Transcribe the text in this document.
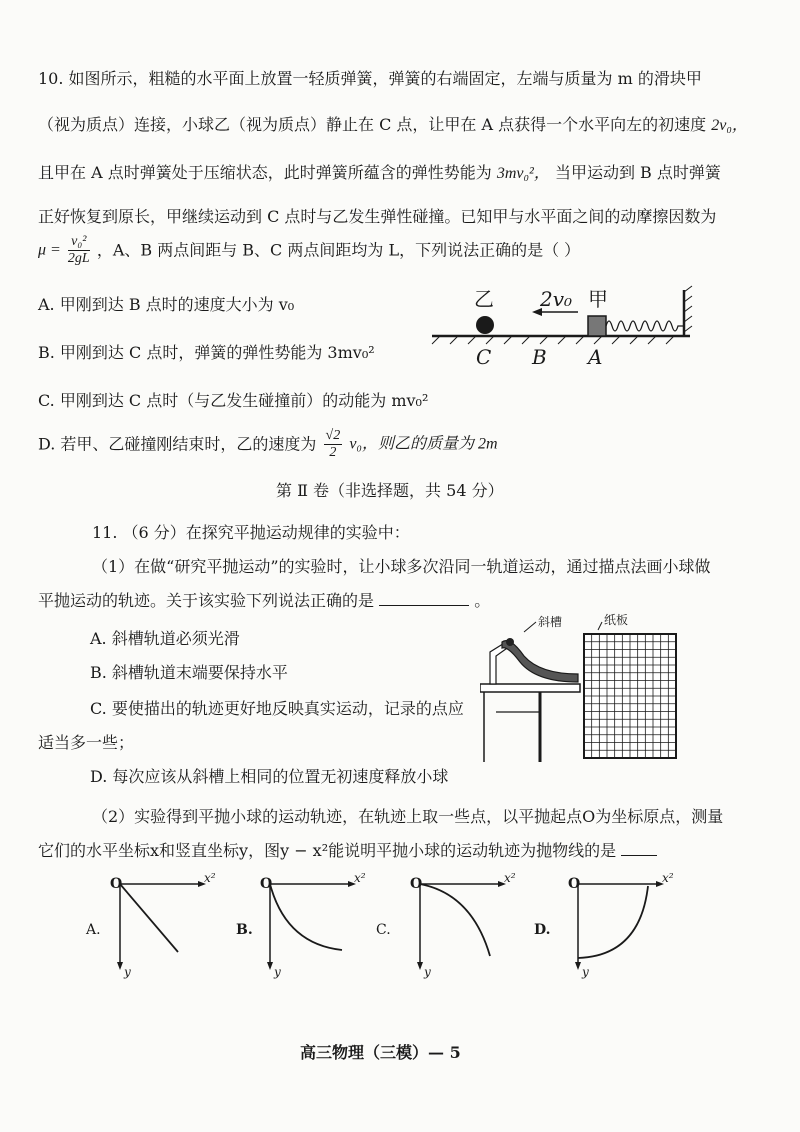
10. 如图所示，粗糙的水平面上放置一轻质弹簧，弹簧的右端固定，左端与质量为 m 的滑块甲
（视为质点）连接，小球乙（视为质点）静止在 C 点，让甲在 A 点获得一个水平向左的初速度 2v₀，
且甲在 A 点时弹簧处于压缩状态，此时弹簧所蕴含的弹性势能为 3mv₀²， 当甲运动到 B 点时弹簧
正好恢复到原长，甲继续运动到 C 点时与乙发生弹性碰撞。已知甲与水平面之间的动摩擦因数为
$\mu = \frac{\text{v₀²}}{2gL}$ ，A、B 两点间距与 B、C 两点间距均为 L，下列说法正确的是（ ）
A. 甲刚到达 B 点时的速度大小为 v₀
B. 甲刚到达 C 点时，弹簧的弹性势能为 3mv₀²
C. 甲刚到达 C 点时（与乙发生碰撞前）的动能为 mv₀²
D. 若甲、乙碰撞刚结束时，乙的速度为 $\frac{√2}{2} v_0$，则乙的质量为 2m
乙 2v₀ 甲
C B A
第 Ⅱ 卷（非选择题，共 54 分）
11. （6 分）在探究平抛运动规律的实验中：
（1）在做“研究平抛运动”的实验时，让小球多次沿同一轨道运动，通过描点法画小球做
平抛运动的轨迹。关于该实验下列说法正确的是	。
A. 斜槽轨道必须光滑
B. 斜槽轨道末端要保持水平
C. 要使描出的轨迹更好地反映真实运动，记录的点应
适当多一些；
D. 每次应该从斜槽上相同的位置无初速度释放小球
斜槽	纸板
（2）实验得到平抛小球的运动轨迹，在轨迹上取一些点，以平抛起点O为坐标原点，测量
它们的水平坐标x和竖直坐标y，图y − x²能说明平抛小球的运动轨迹为抛物线的是
O	x²
y
A.
O	x²
y
B.
O	x²
y
C.
O	x²
y
D.
高三物理（三模）— 5
